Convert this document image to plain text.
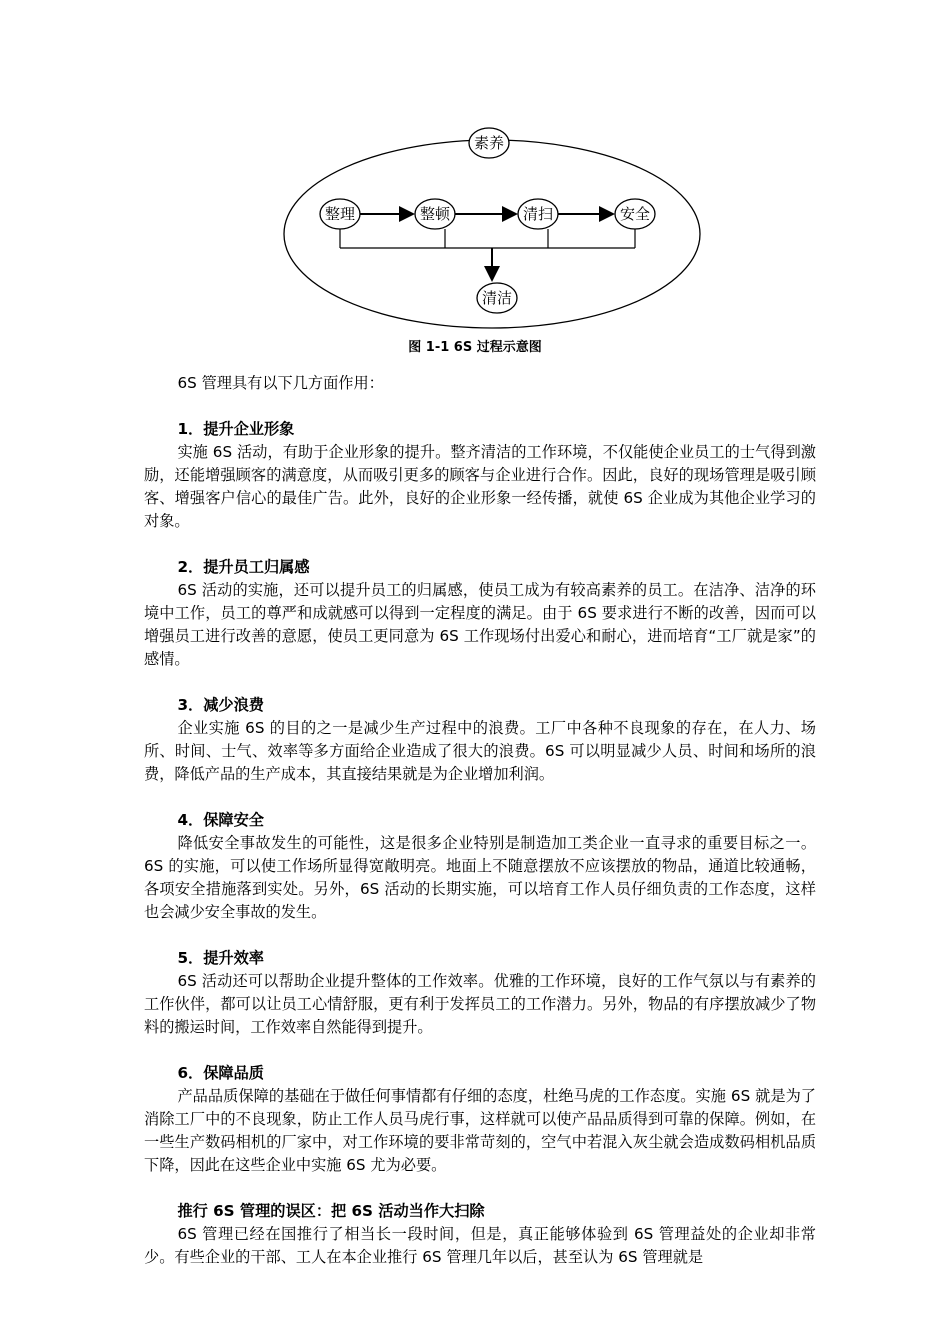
素养
整理	整顿	清扫	安全
清洁
图 1-1 6S 过程示意图

6S 管理具有以下几方面作用：

1．提升企业形象

实施 6S 活动，有助于企业形象的提升。整齐清洁的工作环境，不仅能使企业员工的士气得到激励，还能增强顾客的满意度，从而吸引更多的顾客与企业进行合作。因此，良好的现场管理是吸引顾客、增强客户信心的最佳广告。此外，良好的企业形象一经传播，就使 6S 企业成为其他企业学习的对象。

2．提升员工归属感

6S 活动的实施，还可以提升员工的归属感，使员工成为有较高素养的员工。在洁净、洁净的环境中工作，员工的尊严和成就感可以得到一定程度的满足。由于 6S 要求进行不断的改善，因而可以增强员工进行改善的意愿，使员工更同意为 6S 工作现场付出爱心和耐心，进而培育“工厂就是家”的感情。

3．减少浪费

企业实施 6S 的目的之一是减少生产过程中的浪费。工厂中各种不良现象的存在，在人力、场所、时间、士气、效率等多方面给企业造成了很大的浪费。6S 可以明显减少人员、时间和场所的浪费，降低产品的生产成本，其直接结果就是为企业增加利润。

4．保障安全

降低安全事故发生的可能性，这是很多企业特别是制造加工类企业一直寻求的重要目标之一。6S 的实施，可以使工作场所显得宽敞明亮。地面上不随意摆放不应该摆放的物品，通道比较通畅，各项安全措施落到实处。另外，6S 活动的长期实施，可以培育工作人员仔细负责的工作态度，这样也会减少安全事故的发生。

5．提升效率

6S 活动还可以帮助企业提升整体的工作效率。优雅的工作环境，良好的工作气氛以与有素养的工作伙伴，都可以让员工心情舒服，更有利于发挥员工的工作潜力。另外，物品的有序摆放减少了物料的搬运时间，工作效率自然能得到提升。

6．保障品质

产品品质保障的基础在于做任何事情都有仔细的态度，杜绝马虎的工作态度。实施 6S 就是为了消除工厂中的不良现象，防止工作人员马虎行事，这样就可以使产品品质得到可靠的保障。例如，在一些生产数码相机的厂家中，对工作环境的要非常苛刻的，空气中若混入灰尘就会造成数码相机品质下降，因此在这些企业中实施 6S 尤为必要。

推行 6S 管理的误区：把 6S 活动当作大扫除

6S 管理已经在国推行了相当长一段时间，但是，真正能够体验到 6S 管理益处的企业却非常少。有些企业的干部、工人在本企业推行 6S 管理几年以后，甚至认为 6S 管理就是
